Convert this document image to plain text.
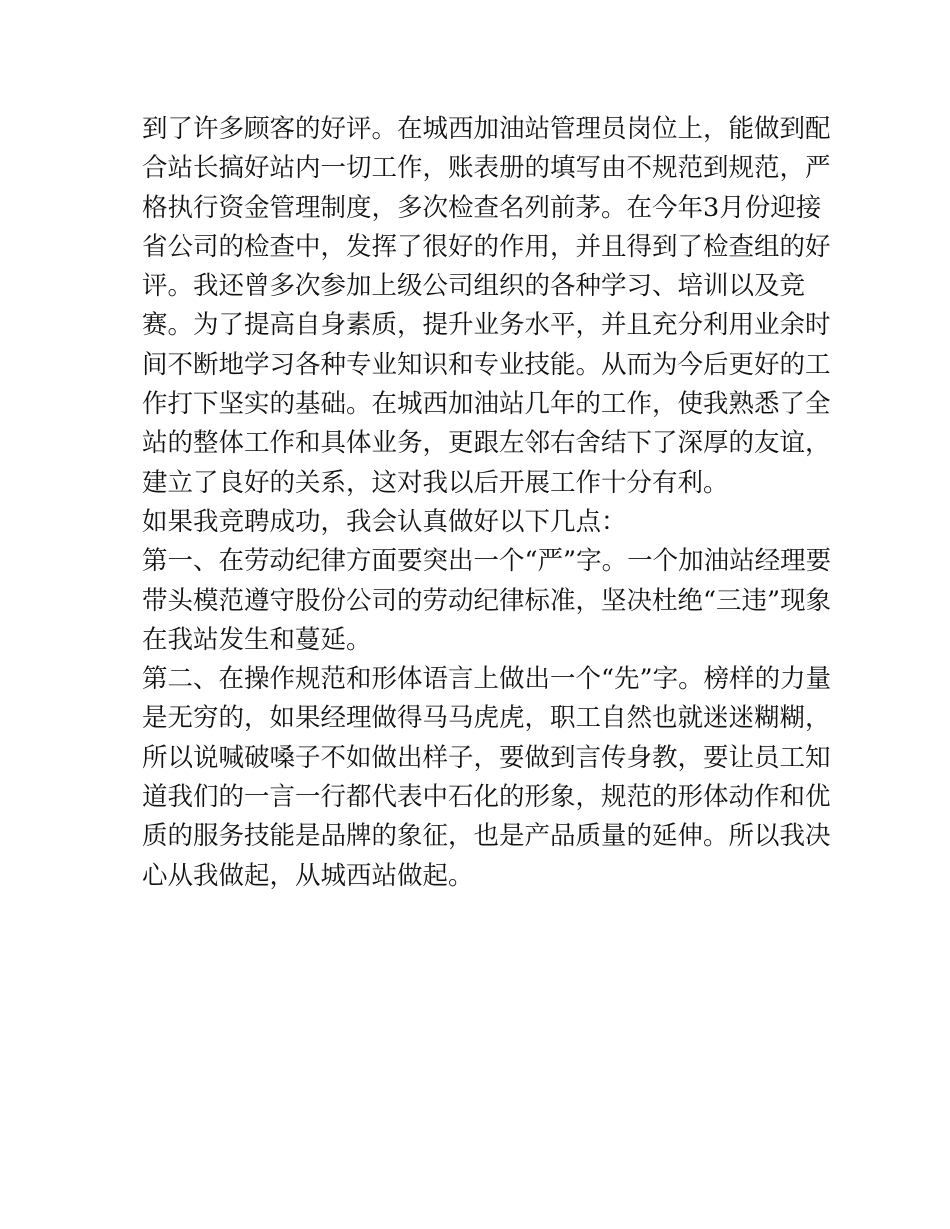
到了许多顾客的好评。在城西加油站管理员岗位上，能做到配
合站长搞好站内一切工作，账表册的填写由不规范到规范，严
格执行资金管理制度，多次检查名列前茅。在今年3月份迎接
省公司的检查中，发挥了很好的作用，并且得到了检查组的好
评。我还曾多次参加上级公司组织的各种学习、培训以及竞
赛。为了提高自身素质，提升业务水平，并且充分利用业余时
间不断地学习各种专业知识和专业技能。从而为今后更好的工
作打下坚实的基础。在城西加油站几年的工作，使我熟悉了全
站的整体工作和具体业务，更跟左邻右舍结下了深厚的友谊，
建立了良好的关系，这对我以后开展工作十分有利。
如果我竞聘成功，我会认真做好以下几点：
第一、在劳动纪律方面要突出一个“严”字。一个加油站经理要
带头模范遵守股份公司的劳动纪律标准，坚决杜绝“三违”现象
在我站发生和蔓延。
第二、在操作规范和形体语言上做出一个“先”字。榜样的力量
是无穷的，如果经理做得马马虎虎，职工自然也就迷迷糊糊，
所以说喊破嗓子不如做出样子，要做到言传身教，要让员工知
道我们的一言一行都代表中石化的形象，规范的形体动作和优
质的服务技能是品牌的象征，也是产品质量的延伸。所以我决
心从我做起，从城西站做起。
